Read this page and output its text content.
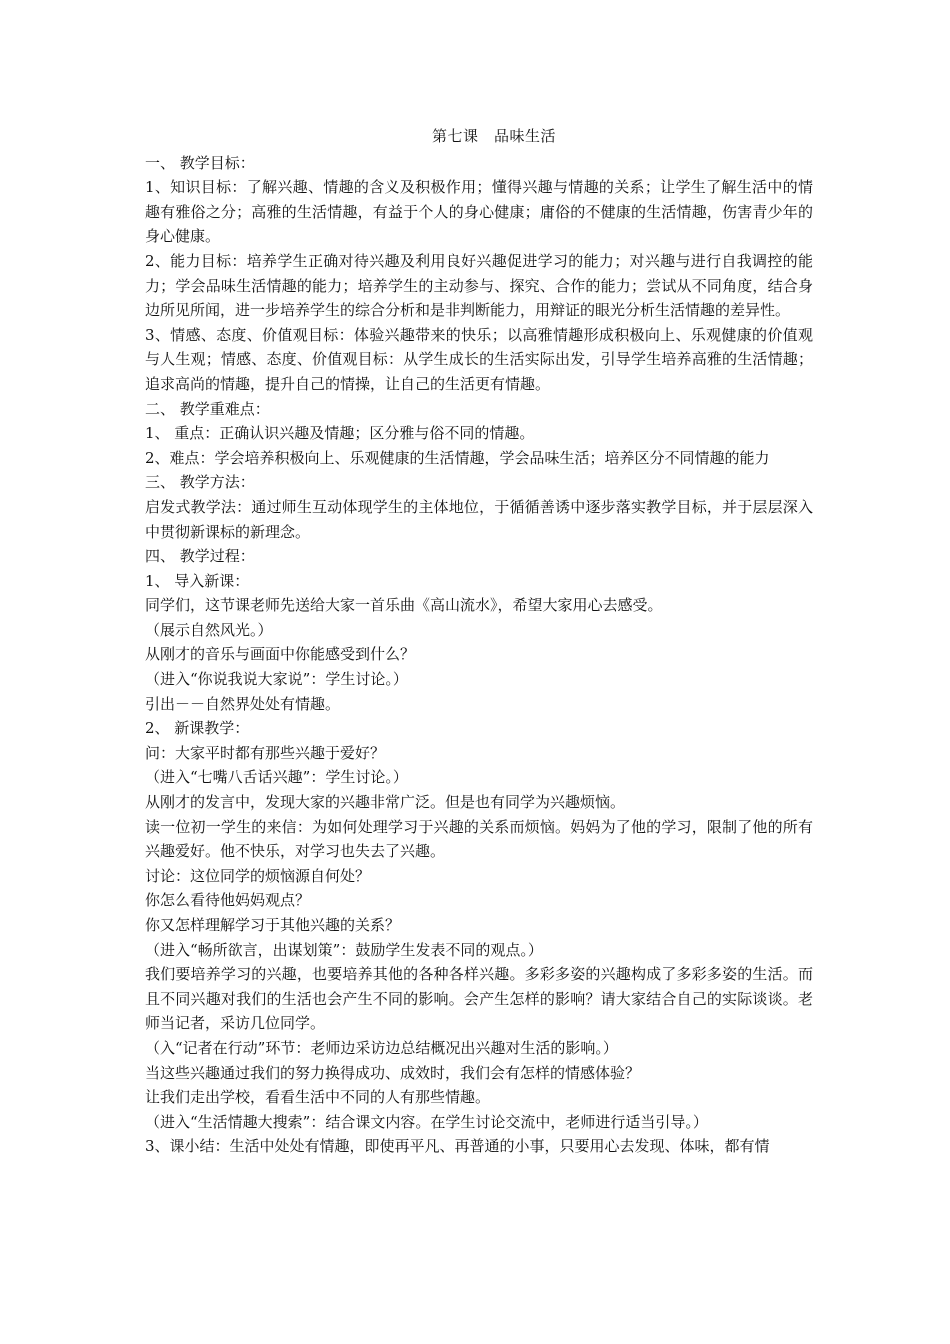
第七课　品味生活

一、 教学目标：

1、知识目标：了解兴趣、情趣的含义及积极作用；懂得兴趣与情趣的关系；让学生了解生活中的情趣有雅俗之分；高雅的生活情趣，有益于个人的身心健康；庸俗的不健康的生活情趣，伤害青少年的身心健康。

2、能力目标：培养学生正确对待兴趣及利用良好兴趣促进学习的能力；对兴趣与进行自我调控的能力；学会品味生活情趣的能力；培养学生的主动参与、探究、合作的能力；尝试从不同角度，结合身边所见所闻，进一步培养学生的综合分析和是非判断能力，用辩证的眼光分析生活情趣的差异性。

3、情感、态度、价值观目标：体验兴趣带来的快乐；以高雅情趣形成积极向上、乐观健康的价值观与人生观；情感、态度、价值观目标：从学生成长的生活实际出发，引导学生培养高雅的生活情趣；追求高尚的情趣，提升自己的情操，让自己的生活更有情趣。

二、 教学重难点：

1、 重点：正确认识兴趣及情趣；区分雅与俗不同的情趣。

2、难点：学会培养积极向上、乐观健康的生活情趣，学会品味生活；培养区分不同情趣的能力

三、 教学方法：

启发式教学法：通过师生互动体现学生的主体地位，于循循善诱中逐步落实教学目标，并于层层深入中贯彻新课标的新理念。

四、 教学过程：

1、 导入新课：

同学们，这节课老师先送给大家一首乐曲《高山流水》，希望大家用心去感受。

（展示自然风光。）

从刚才的音乐与画面中你能感受到什么？

（进入“你说我说大家说”：学生讨论。）

引出－－自然界处处有情趣。

2、 新课教学：

问：大家平时都有那些兴趣于爱好？

（进入“七嘴八舌话兴趣”：学生讨论。）

从刚才的发言中，发现大家的兴趣非常广泛。但是也有同学为兴趣烦恼。

读一位初一学生的来信：为如何处理学习于兴趣的关系而烦恼。妈妈为了他的学习，限制了他的所有兴趣爱好。他不快乐，对学习也失去了兴趣。

讨论：这位同学的烦恼源自何处？

你怎么看待他妈妈观点？

你又怎样理解学习于其他兴趣的关系？

（进入“畅所欲言，出谋划策”：鼓励学生发表不同的观点。）

我们要培养学习的兴趣，也要培养其他的各种各样兴趣。多彩多姿的兴趣构成了多彩多姿的生活。而且不同兴趣对我们的生活也会产生不同的影响。会产生怎样的影响？请大家结合自己的实际谈谈。老师当记者，采访几位同学。

（入“记者在行动”环节：老师边采访边总结概况出兴趣对生活的影响。）

当这些兴趣通过我们的努力换得成功、成效时，我们会有怎样的情感体验？

让我们走出学校，看看生活中不同的人有那些情趣。

（进入“生活情趣大搜索”：结合课文内容。在学生讨论交流中，老师进行适当引导。）

3、课小结：生活中处处有情趣，即使再平凡、再普通的小事，只要用心去发现、体味，都有情
